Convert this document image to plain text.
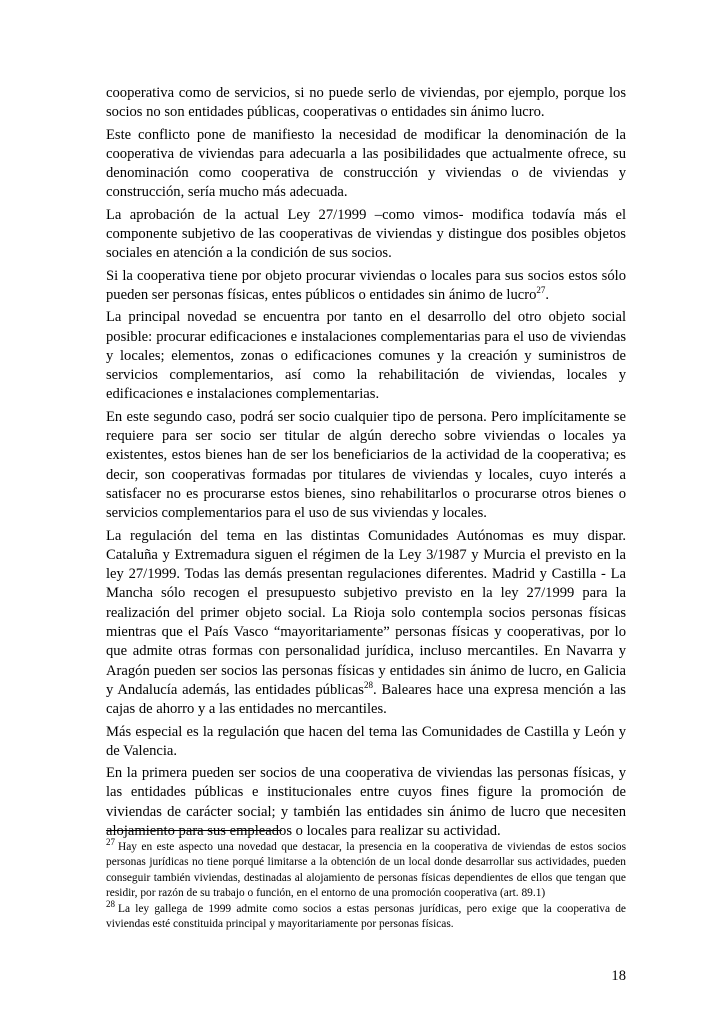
cooperativa como de servicios, si no puede serlo de viviendas, por ejemplo, porque los socios no son entidades públicas, cooperativas o entidades sin ánimo lucro.

Este conflicto pone de manifiesto la necesidad de modificar la denominación de la cooperativa de viviendas para adecuarla a las posibilidades que actualmente ofrece, su denominación como cooperativa de construcción y viviendas o de viviendas y construcción, sería mucho más adecuada.

La aprobación de la actual Ley 27/1999 –como vimos- modifica todavía más el componente subjetivo de las cooperativas de viviendas y distingue dos posibles objetos sociales en atención a la condición de sus socios.

Si la cooperativa tiene por objeto procurar viviendas o locales para sus socios estos sólo pueden ser personas físicas, entes públicos o entidades sin ánimo de lucro$^{27}$.

La principal novedad se encuentra por tanto en el desarrollo del otro objeto social posible: procurar edificaciones e instalaciones complementarias para el uso de viviendas y locales; elementos, zonas o edificaciones comunes y la creación y suministros de servicios complementarios, así como la rehabilitación de viviendas, locales y edificaciones e instalaciones complementarias.

En este segundo caso, podrá ser socio cualquier tipo de persona. Pero implícitamente se requiere para ser socio ser titular de algún derecho sobre viviendas o locales ya existentes, estos bienes han de ser los beneficiarios de la actividad de la cooperativa; es decir, son cooperativas formadas por titulares de viviendas y locales, cuyo interés a satisfacer no es procurarse estos bienes, sino rehabilitarlos o procurarse otros bienes o servicios complementarios para el uso de sus viviendas y locales.

La regulación del tema en las distintas Comunidades Autónomas es muy dispar. Cataluña y Extremadura siguen el régimen de la Ley 3/1987 y Murcia el previsto en la ley 27/1999. Todas las demás presentan regulaciones diferentes. Madrid y Castilla - La Mancha sólo recogen el presupuesto subjetivo previsto en la ley 27/1999 para la realización del primer objeto social. La Rioja solo contempla socios personas físicas mientras que el País Vasco “mayoritariamente” personas físicas y cooperativas, por lo que admite otras formas con personalidad jurídica, incluso mercantiles. En Navarra y Aragón pueden ser socios las personas físicas y entidades sin ánimo de lucro, en Galicia y Andalucía además, las entidades públicas$^{28}$. Baleares hace una expresa mención a las cajas de ahorro y a las entidades no mercantiles.

Más especial es la regulación que hacen del tema las Comunidades de Castilla y León y de Valencia.

En la primera pueden ser socios de una cooperativa de viviendas las personas físicas, y las entidades públicas e institucionales entre cuyos fines figure la promoción de viviendas de carácter social; y también las entidades sin ánimo de lucro que necesiten alojamiento para sus empleados o locales para realizar su actividad.

$^{27}$ Hay en este aspecto una novedad que destacar, la presencia en la cooperativa de viviendas de estos socios personas jurídicas no tiene porqué limitarse a la obtención de un local donde desarrollar sus actividades, pueden conseguir también viviendas, destinadas al alojamiento de personas físicas dependientes de ellos que tengan que residir, por razón de su trabajo o función, en el entorno de una promoción cooperativa (art. 89.1)

$^{28}$ La ley gallega de 1999 admite como socios a estas personas jurídicas, pero exige que la cooperativa de viviendas esté constituida principal y mayoritariamente por personas físicas.

18
